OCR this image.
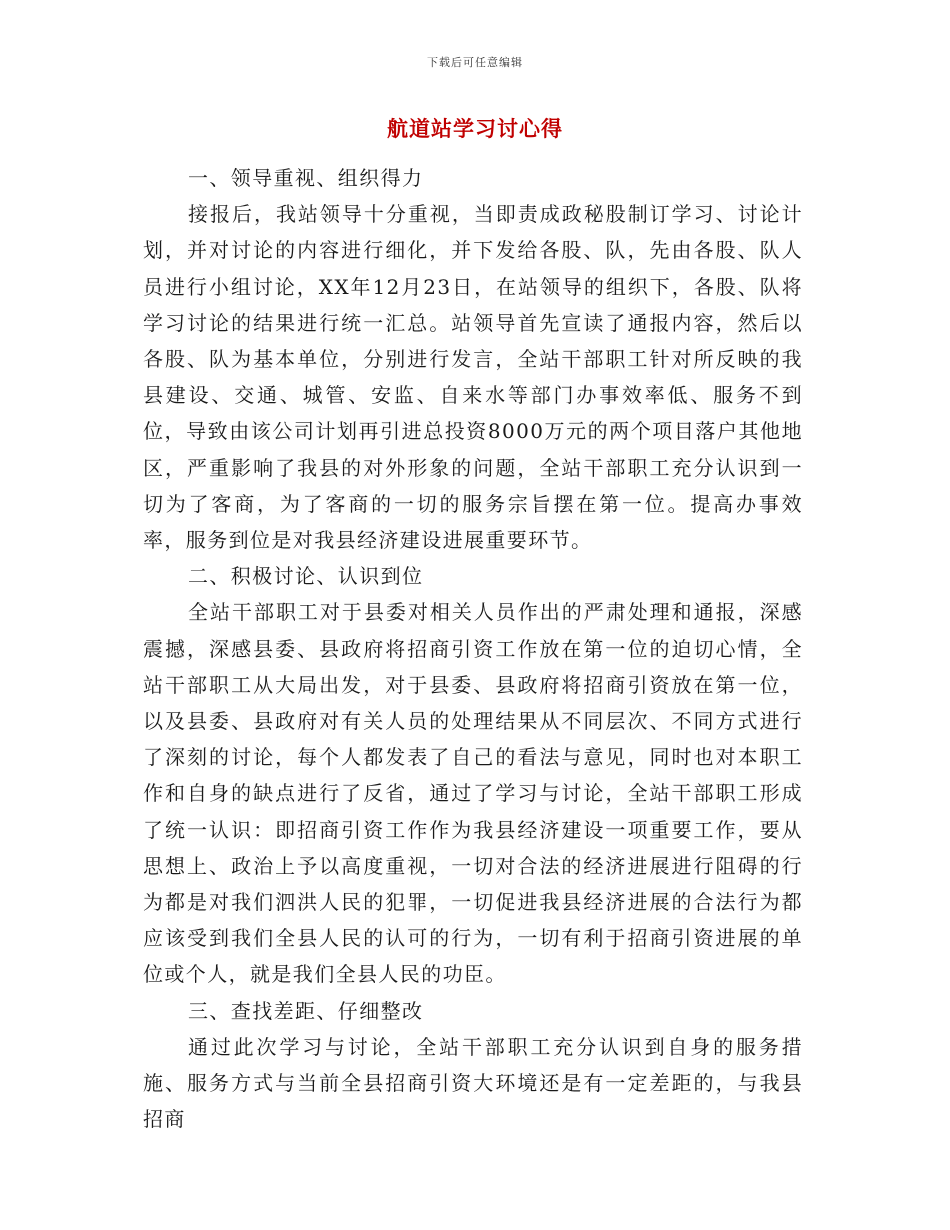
下载后可任意编辑
航道站学习讨心得

一、领导重视、组织得力

接报后，我站领导十分重视，当即责成政秘股制订学习、讨论计划，并对讨论的内容进行细化，并下发给各股、队，先由各股、队人员进行小组讨论，XX年12月23日，在站领导的组织下，各股、队将学习讨论的结果进行统一汇总。站领导首先宣读了通报内容，然后以各股、队为基本单位，分别进行发言，全站干部职工针对所反映的我县建设、交通、城管、安监、自来水等部门办事效率低、服务不到位，导致由该公司计划再引进总投资8000万元的两个项目落户其他地区，严重影响了我县的对外形象的问题，全站干部职工充分认识到一切为了客商，为了客商的一切的服务宗旨摆在第一位。提高办事效率，服务到位是对我县经济建设进展重要环节。

二、积极讨论、认识到位

全站干部职工对于县委对相关人员作出的严肃处理和通报，深感震撼，深感县委、县政府将招商引资工作放在第一位的迫切心情，全站干部职工从大局出发，对于县委、县政府将招商引资放在第一位，以及县委、县政府对有关人员的处理结果从不同层次、不同方式进行了深刻的讨论，每个人都发表了自己的看法与意见，同时也对本职工作和自身的缺点进行了反省，通过了学习与讨论，全站干部职工形成了统一认识：即招商引资工作作为我县经济建设一项重要工作，要从思想上、政治上予以高度重视，一切对合法的经济进展进行阻碍的行为都是对我们泗洪人民的犯罪，一切促进我县经济进展的合法行为都应该受到我们全县人民的认可的行为，一切有利于招商引资进展的单位或个人，就是我们全县人民的功臣。

三、查找差距、仔细整改

通过此次学习与讨论，全站干部职工充分认识到自身的服务措施、服务方式与当前全县招商引资大环境还是有一定差距的，与我县招商
